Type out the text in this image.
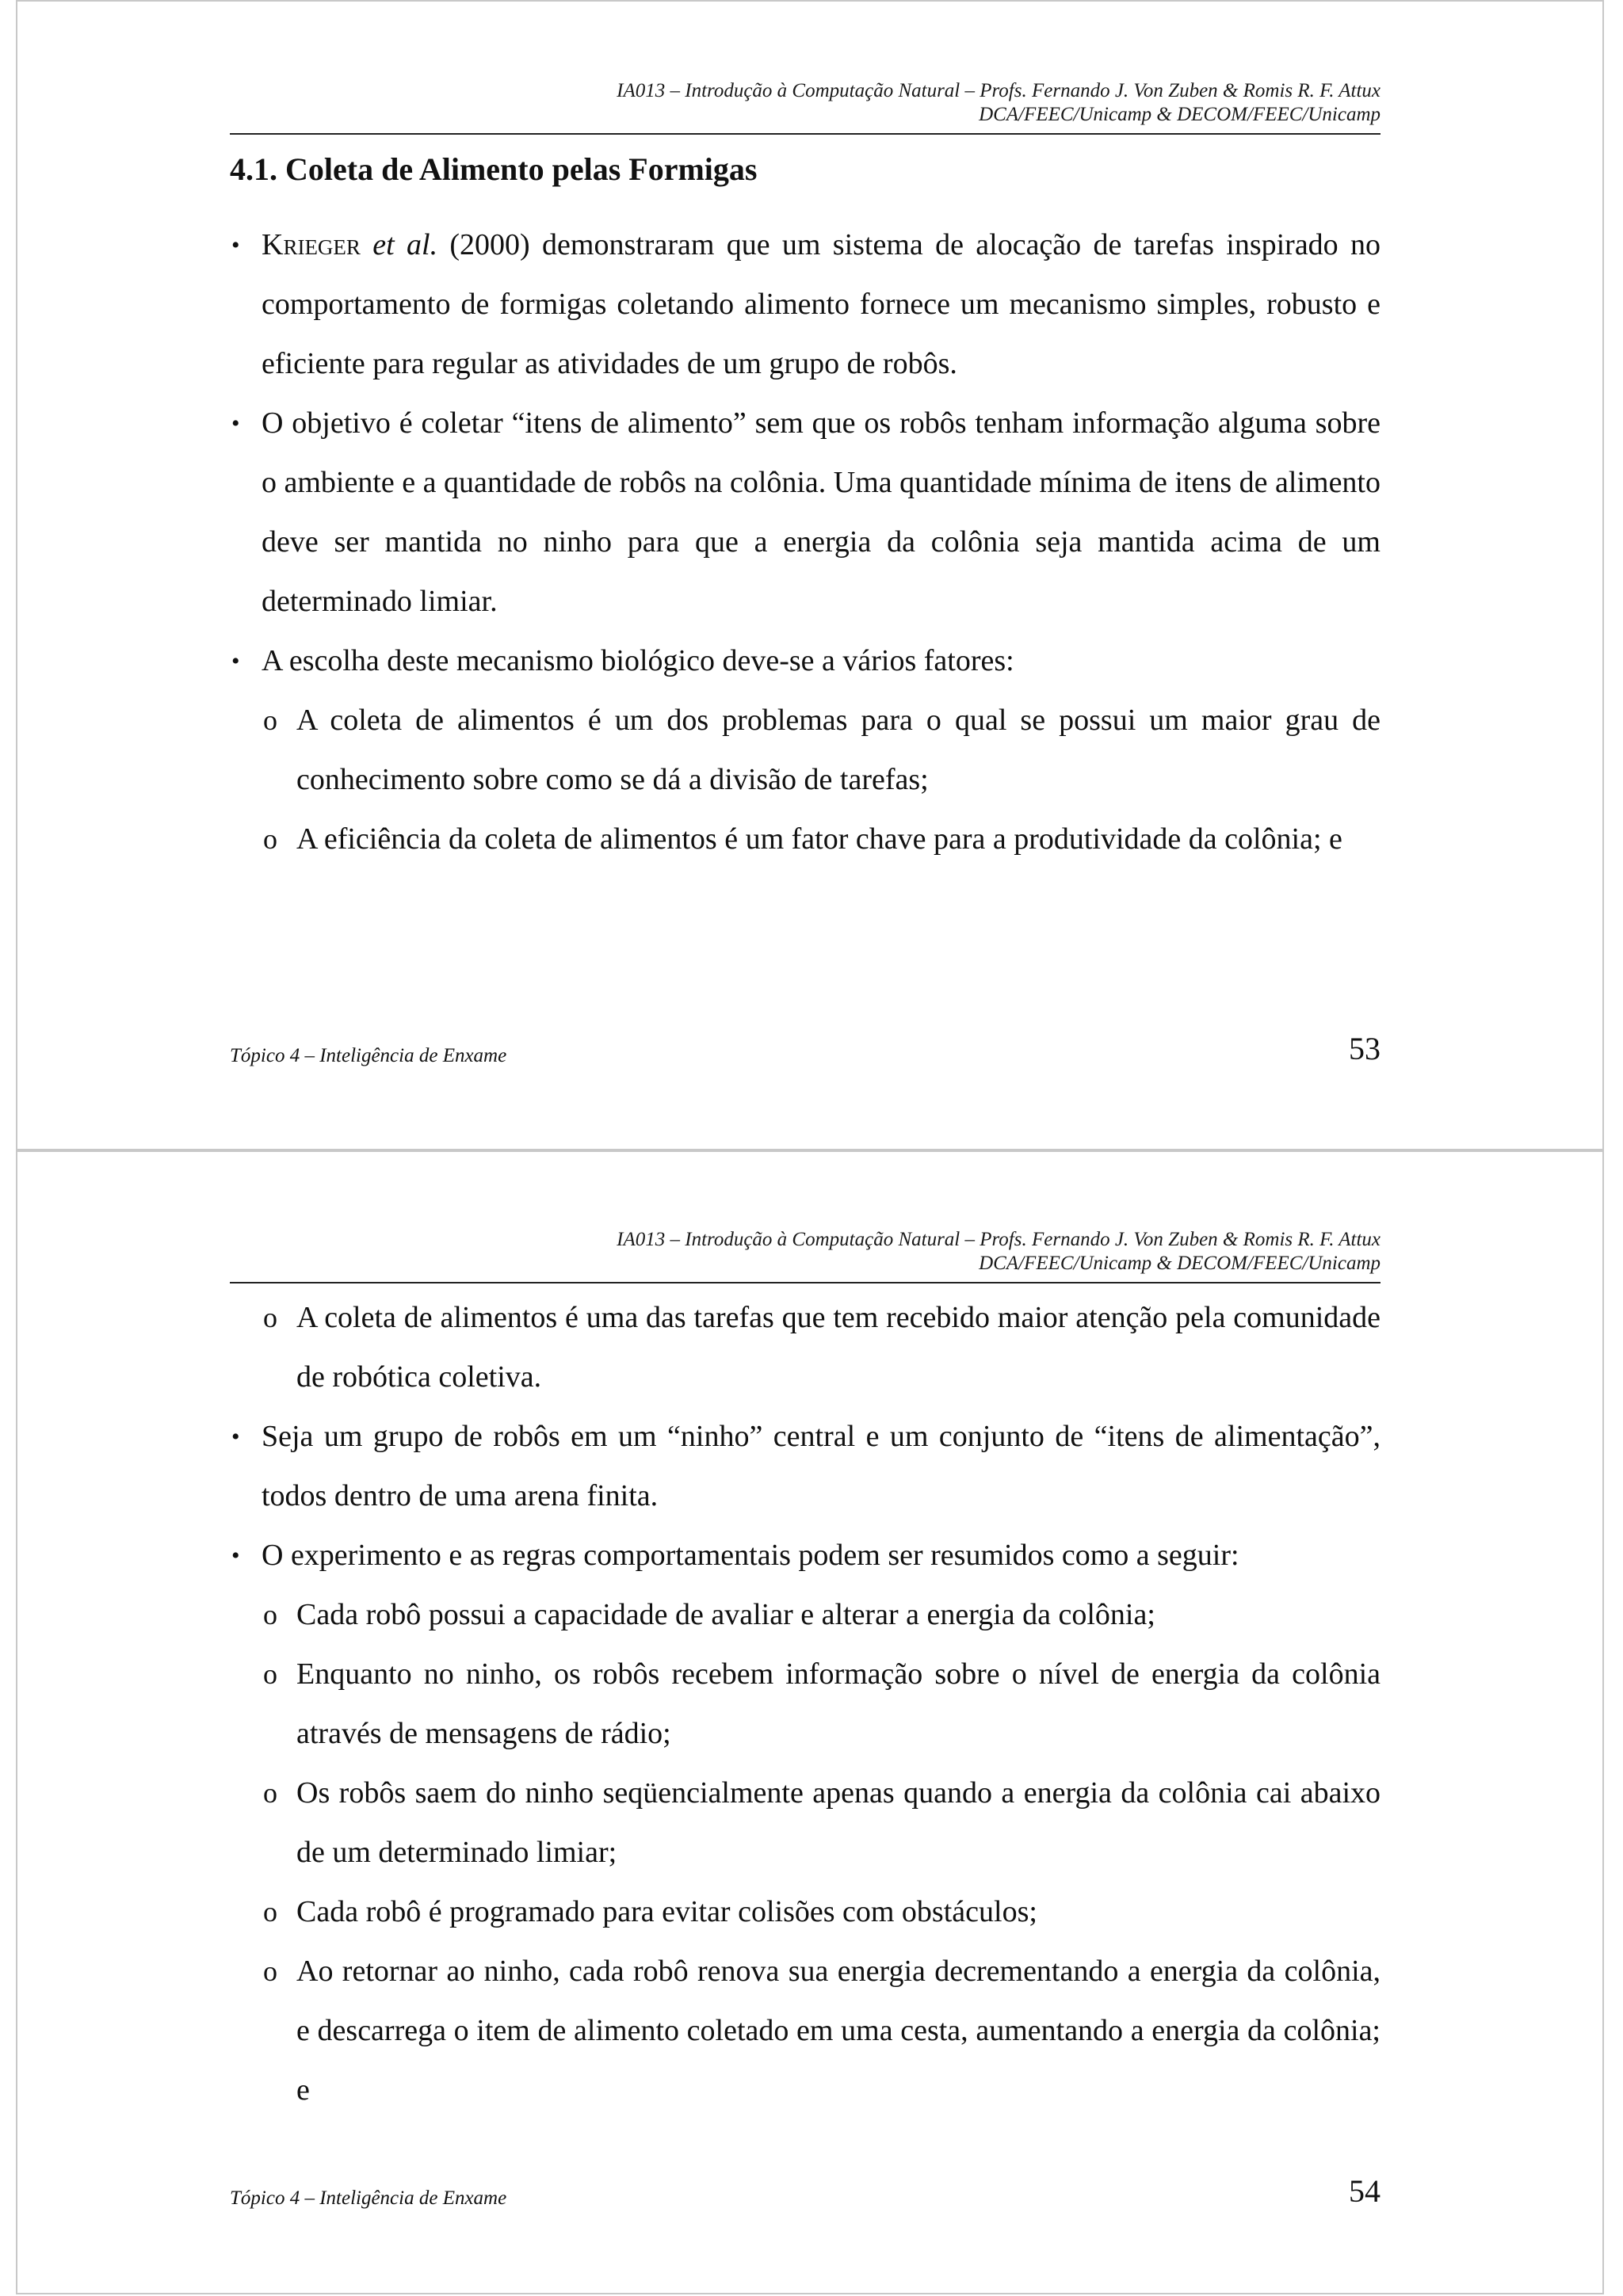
IA013 – Introdução à Computação Natural – Profs. Fernando J. Von Zuben & Romis R. F. Attux
DCA/FEEC/Unicamp & DECOM/FEEC/Unicamp
4.1. Coleta de Alimento pelas Formigas

• Krieger et al. (2000) demonstraram que um sistema de alocação de tarefas inspirado no comportamento de formigas coletando alimento fornece um mecanismo simples, robusto e eficiente para regular as atividades de um grupo de robôs.

• O objetivo é coletar “itens de alimento” sem que os robôs tenham informação alguma sobre o ambiente e a quantidade de robôs na colônia. Uma quantidade mínima de itens de alimento deve ser mantida no ninho para que a energia da colônia seja mantida acima de um determinado limiar.

• A escolha deste mecanismo biológico deve-se a vários fatores:

o A coleta de alimentos é um dos problemas para o qual se possui um maior grau de conhecimento sobre como se dá a divisão de tarefas;

o A eficiência da coleta de alimentos é um fator chave para a produtividade da colônia; e

Tópico 4 – Inteligência de Enxame	53
IA013 – Introdução à Computação Natural – Profs. Fernando J. Von Zuben & Romis R. F. Attux
DCA/FEEC/Unicamp & DECOM/FEEC/Unicamp

o A coleta de alimentos é uma das tarefas que tem recebido maior atenção pela comunidade de robótica coletiva.

• Seja um grupo de robôs em um “ninho” central e um conjunto de “itens de alimentação”, todos dentro de uma arena finita.

• O experimento e as regras comportamentais podem ser resumidos como a seguir:

o Cada robô possui a capacidade de avaliar e alterar a energia da colônia;

o Enquanto no ninho, os robôs recebem informação sobre o nível de energia da colônia através de mensagens de rádio;

o Os robôs saem do ninho seqüencialmente apenas quando a energia da colônia cai abaixo de um determinado limiar;

o Cada robô é programado para evitar colisões com obstáculos;

o Ao retornar ao ninho, cada robô renova sua energia decrementando a energia da colônia, e descarrega o item de alimento coletado em uma cesta, aumentando a energia da colônia; e

Tópico 4 – Inteligência de Enxame	54
